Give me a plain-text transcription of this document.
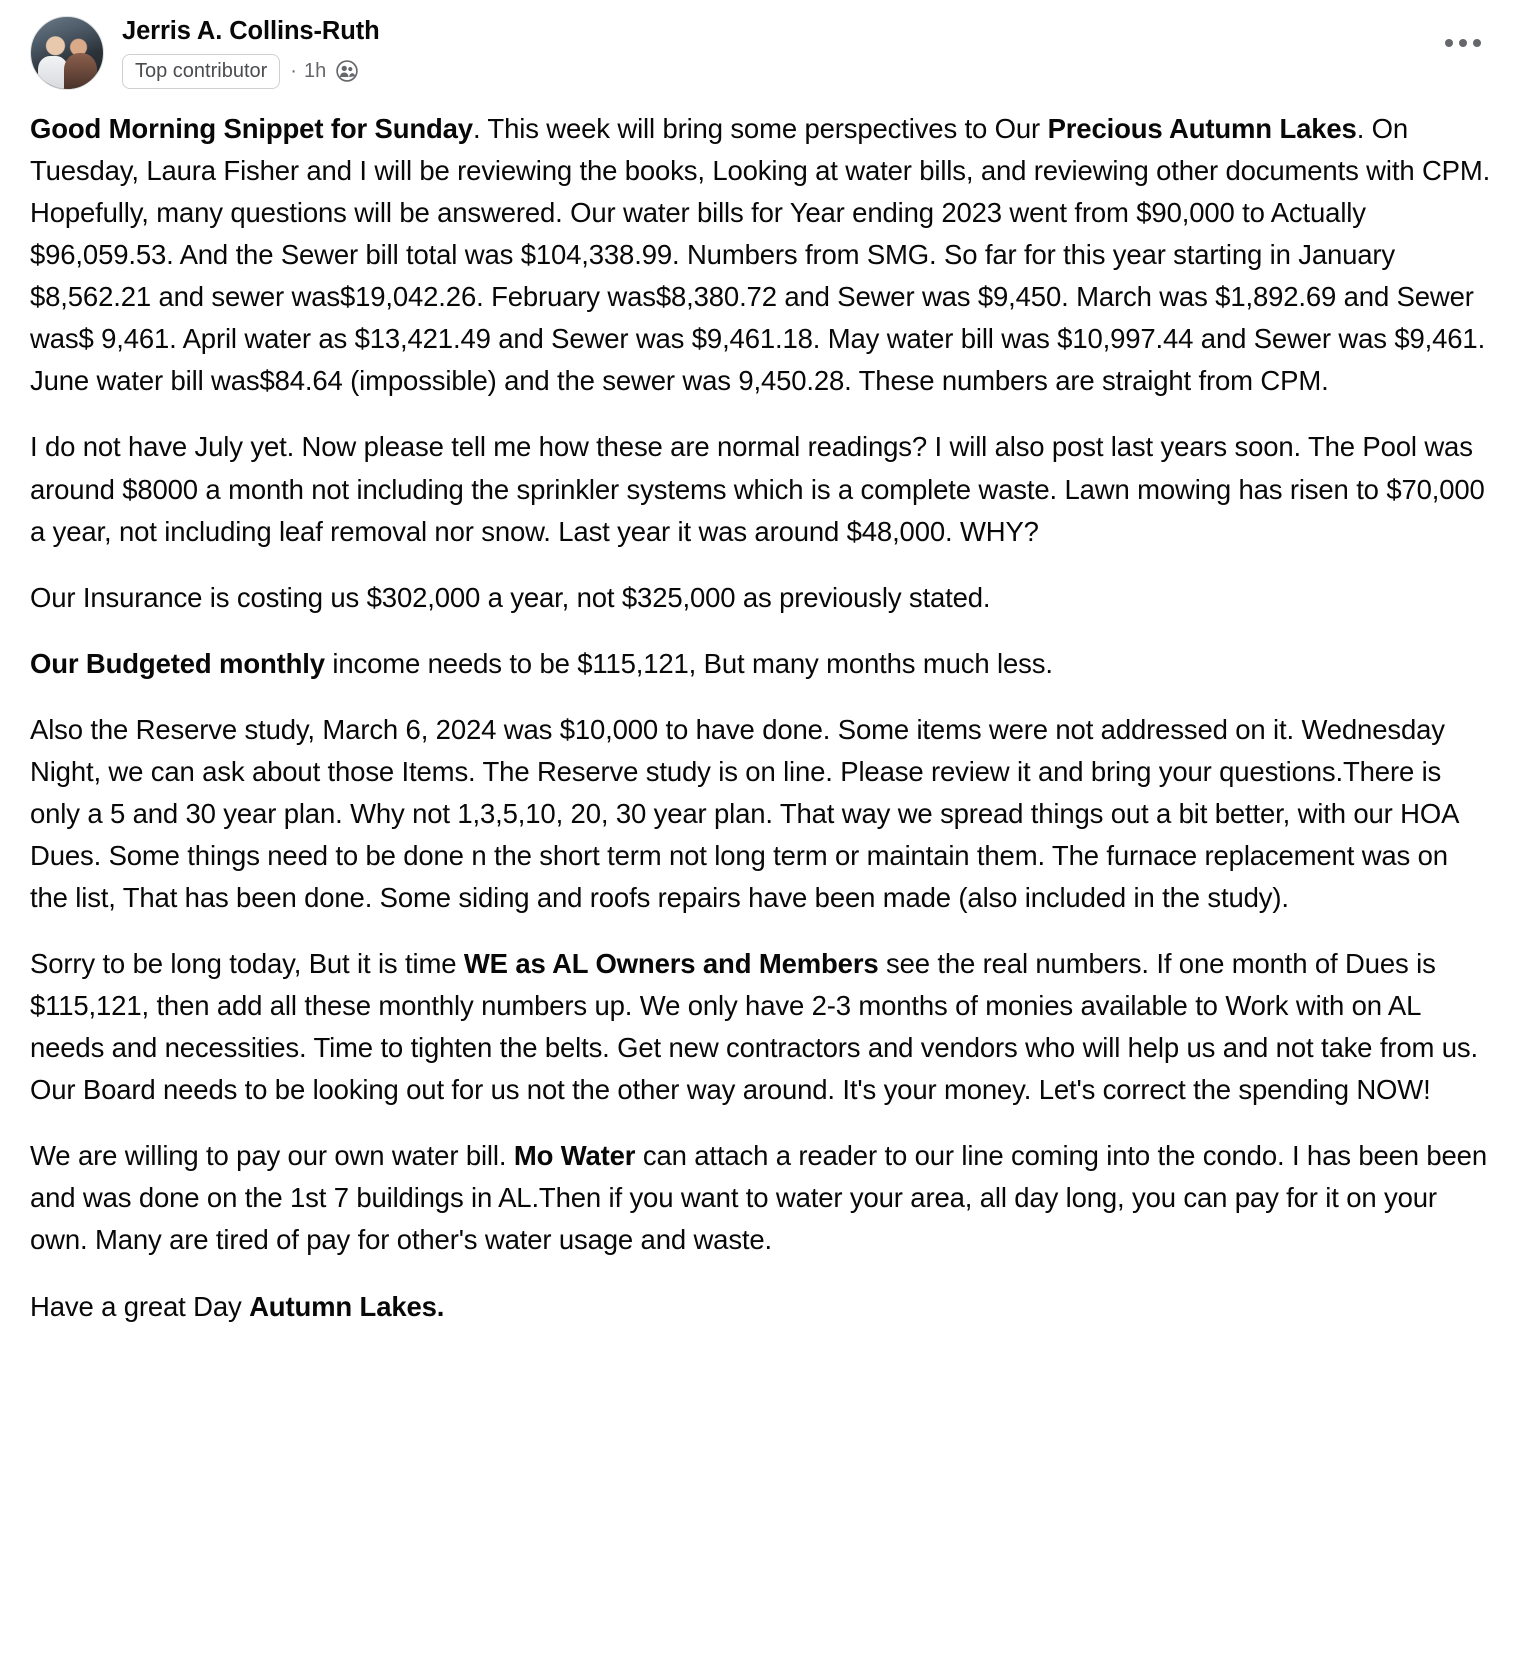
Jerris A. Collins-Ruth
Top contributor	· 1h

Good Morning Snippet for Sunday. This week will bring some perspectives to Our Precious Autumn Lakes. On Tuesday, Laura Fisher and I will be reviewing the books, Looking at water bills, and reviewing other documents with CPM. Hopefully, many questions will be answered. Our water bills for Year ending 2023 went from $90,000 to Actually $96,059.53. And the Sewer bill total was $104,338.99. Numbers from SMG. So far for this year starting in January $8,562.21 and sewer was$19,042.26. February was$8,380.72 and Sewer was $9,450. March was $1,892.69 and Sewer was$ 9,461. April water as $13,421.49 and Sewer was $9,461.18. May water bill was $10,997.44 and Sewer was $9,461. June water bill was$84.64 (impossible) and the sewer was 9,450.28. These numbers are straight from CPM.

I do not have July yet. Now please tell me how these are normal readings? I will also post last years soon. The Pool was around $8000 a month not including the sprinkler systems which is a complete waste. Lawn mowing has risen to $70,000 a year, not including leaf removal nor snow. Last year it was around $48,000. WHY?

Our Insurance is costing us $302,000 a year, not $325,000 as previously stated.

Our Budgeted monthly income needs to be $115,121, But many months much less.

Also the Reserve study, March 6, 2024 was $10,000 to have done. Some items were not addressed on it. Wednesday Night, we can ask about those Items. The Reserve study is on line. Please review it and bring your questions.There is only a 5 and 30 year plan. Why not 1,3,5,10, 20, 30 year plan. That way we spread things out a bit better, with our HOA Dues. Some things need to be done n the short term not long term or maintain them. The furnace replacement was on the list, That has been done. Some siding and roofs repairs have been made (also included in the study).

Sorry to be long today, But it is time WE as AL Owners and Members see the real numbers. If one month of Dues is $115,121, then add all these monthly numbers up. We only have 2-3 months of monies available to Work with on AL needs and necessities. Time to tighten the belts. Get new contractors and vendors who will help us and not take from us. Our Board needs to be looking out for us not the other way around. It's your money. Let's correct the spending NOW!

We are willing to pay our own water bill. Mo Water can attach a reader to our line coming into the condo. I has been been and was done on the 1st 7 buildings in AL.Then if you want to water your area, all day long, you can pay for it on your own. Many are tired of pay for other's water usage and waste.

Have a great Day Autumn Lakes.
